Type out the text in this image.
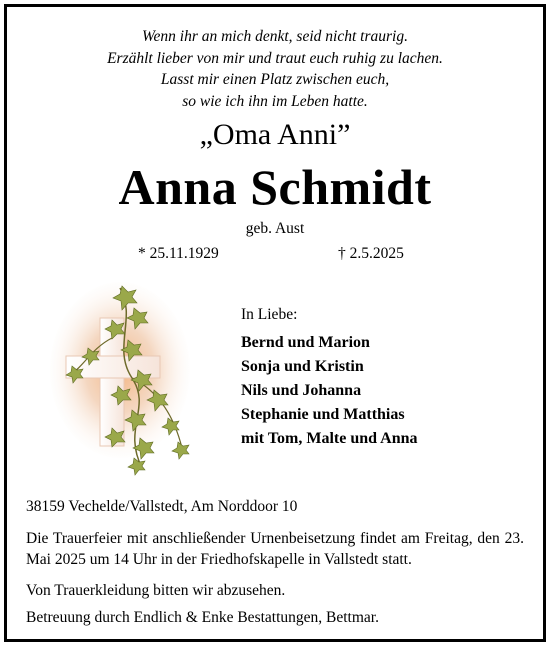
Wenn ihr an mich denkt, seid nicht traurig.
Erzählt lieber von mir und traut euch ruhig zu lachen.
Lasst mir einen Platz zwischen euch,
so wie ich ihn im Leben hatte.
„Oma Anni”
Anna Schmidt
geb. Aust
* 25.11.1929	† 2.5.2025
In Liebe:
Bernd und Marion
Sonja und Kristin
Nils und Johanna
Stephanie und Matthias
mit Tom, Malte und Anna
38159 Vechelde/Vallstedt, Am Norddoor 10
Die Trauerfeier mit anschließender Urnenbeisetzung findet am Freitag, den 23. Mai 2025 um 14 Uhr in der Friedhofskapelle in Vallstedt statt.
Von Trauerkleidung bitten wir abzusehen.
Betreuung durch Endlich & Enke Bestattungen, Bettmar.
